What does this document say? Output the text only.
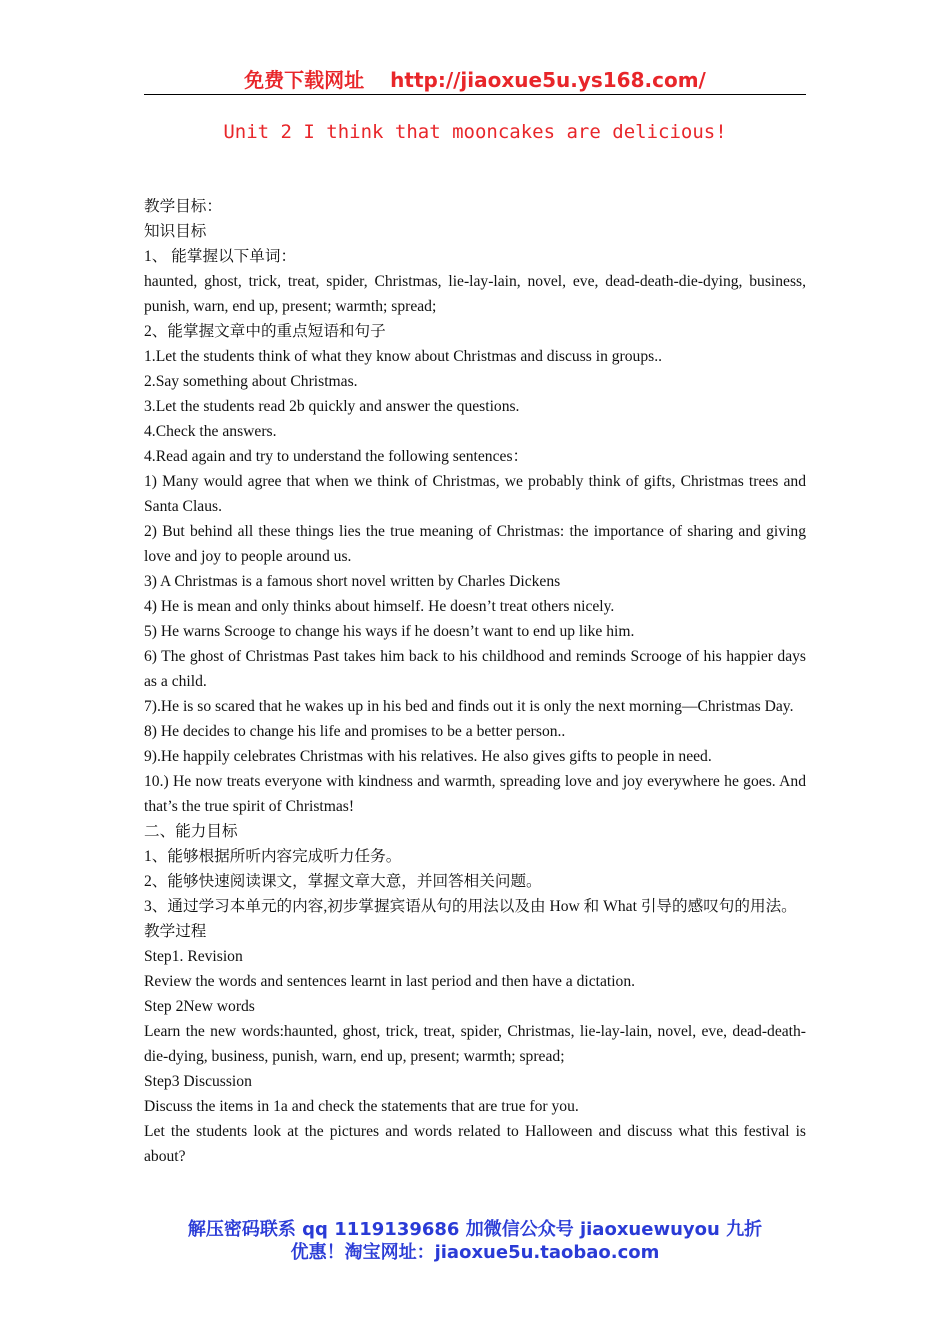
免费下载网址 http://jiaoxue5u.ys168.com/
Unit 2 I think that mooncakes are delicious!

教学目标：

知识目标

1、 能掌握以下单词：

haunted, ghost, trick, treat, spider, Christmas, lie-lay-lain, novel, eve, dead-death-die-dying, business, punish, warn, end up, present; warmth; spread;

2、能掌握文章中的重点短语和句子

1.Let the students think of what they know about Christmas and discuss in groups..

2.Say something about Christmas.

3.Let the students read 2b quickly and answer the questions.

4.Check the answers.

4.Read again and try to understand the following sentences：

1) Many would agree that when we think of Christmas, we probably think of gifts, Christmas trees and Santa Claus.

2) But behind all these things lies the true meaning of Christmas: the importance of sharing and giving love and joy to people around us.

3) A Christmas is a famous short novel written by Charles Dickens

4) He is mean and only thinks about himself. He doesn’t treat others nicely.

5) He warns Scrooge to change his ways if he doesn’t want to end up like him.

6) The ghost of Christmas Past takes him back to his childhood and reminds Scrooge of his happier days as a child.

7).He is so scared that he wakes up in his bed and finds out it is only the next morning—Christmas Day.

8) He decides to change his life and promises to be a better person..

9).He happily celebrates Christmas with his relatives. He also gives gifts to people in need.

10.) He now treats everyone with kindness and warmth, spreading love and joy everywhere he goes. And that’s the true spirit of Christmas!

二、能力目标

1、能够根据所听内容完成听力任务。

2、能够快速阅读课文，掌握文章大意，并回答相关问题。

3、通过学习本单元的内容,初步掌握宾语从句的用法以及由 How 和 What 引导的感叹句的用法。

教学过程

Step1. Revision

Review the words and sentences learnt in last period and then have a dictation.

Step 2New words

Learn the new words:haunted, ghost, trick, treat, spider, Christmas, lie-lay-lain, novel, eve, dead-death-die-dying, business, punish, warn, end up, present; warmth; spread;

Step3 Discussion

Discuss the items in 1a and check the statements that are true for you.

Let the students look at the pictures and words related to Halloween and discuss what this festival is about?

解压密码联系 qq 1119139686 加微信公众号 jiaoxuewuyou 九折
优惠！淘宝网址：jiaoxue5u.taobao.com
